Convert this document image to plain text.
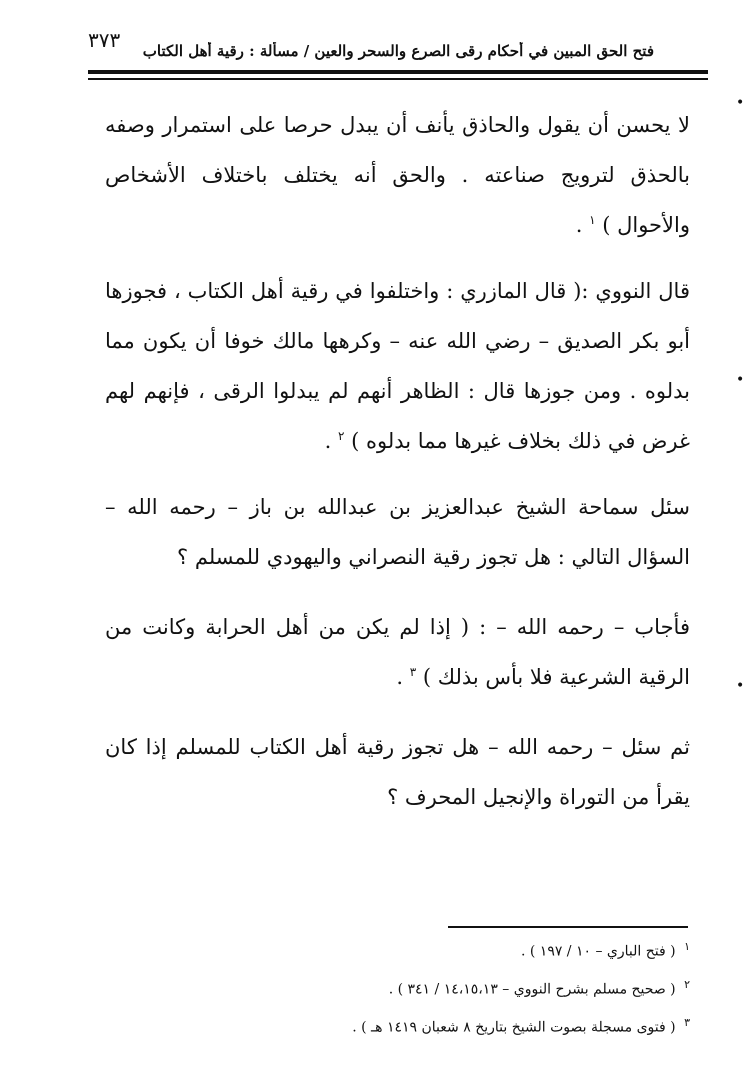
٣٧٣	فتح الحق المبين في أحكام رقى الصرع والسحر والعين / مسألة : رقية أهل الكتاب
لا يحسن أن يقول والحاذق يأنف أن يبدل حرصا على استمرار وصفه بالحذق لترويج صناعته . والحق أنه يختلف باختلاف الأشخاص والأحوال ) $^١$ .
قال النووي :( قال المازري : واختلفوا في رقية أهل الكتاب ، فجوزها أبو بكر الصديق – رضي الله عنه – وكرهها مالك خوفا أن يكون مما بدلوه . ومن جوزها قال : الظاهر أنهم لم يبدلوا الرقى ، فإنهم لهم غرض في ذلك بخلاف غيرها مما بدلوه ) $^٢$ .
سئل سماحة الشيخ عبدالعزيز بن عبدالله بن باز – رحمه الله – السؤال التالي : هل تجوز رقية النصراني واليهودي للمسلم ؟
فأجاب – رحمه الله – : ( إذا لم يكن من أهل الحرابة وكانت من الرقية الشرعية فلا بأس بذلك ) $^٣$ .
ثم سئل – رحمه الله – هل تجوز رقية أهل الكتاب للمسلم إذا كان يقرأ من التوراة والإنجيل المحرف ؟
•
•
•
$^١$ ( فتح الباري – ١٠ / ١٩٧ ) .
$^٢$ ( صحيح مسلم بشرح النووي – ١٤،١٥،١٣ / ٣٤١ ) .
$^٣$ ( فتوى مسجلة بصوت الشيخ بتاريخ ٨ شعبان ١٤١٩ هـ ) .
